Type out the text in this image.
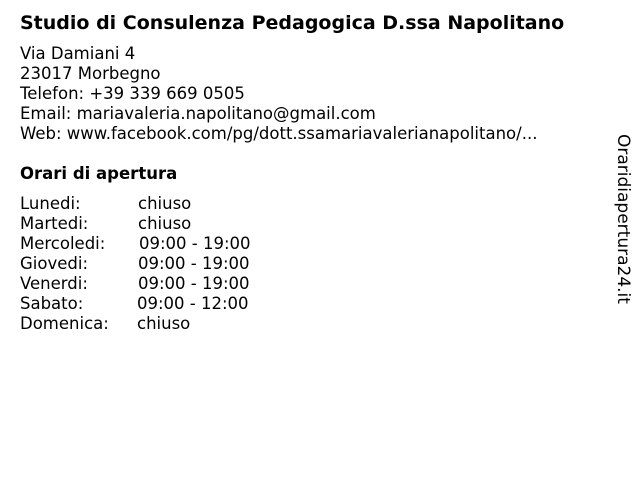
Studio di Consulenza Pedagogica D.ssa Napolitano
Via Damiani 4
23017 Morbegno
Telefon: +39 339 669 0505
Email: mariavaleria.napolitano@gmail.com
Web: www.facebook.com/pg/dott.ssamariavalerianapolitano/...
Orari di apertura
Lunedi:	chiuso
Martedi:	chiuso
Mercoledi: 09:00 - 19:00
Giovedi:	09:00 - 19:00
Venerdi:	09:00 - 19:00
Sabato:	09:00 - 12:00
Domenica: chiuso
Oraridiapertura24.it
